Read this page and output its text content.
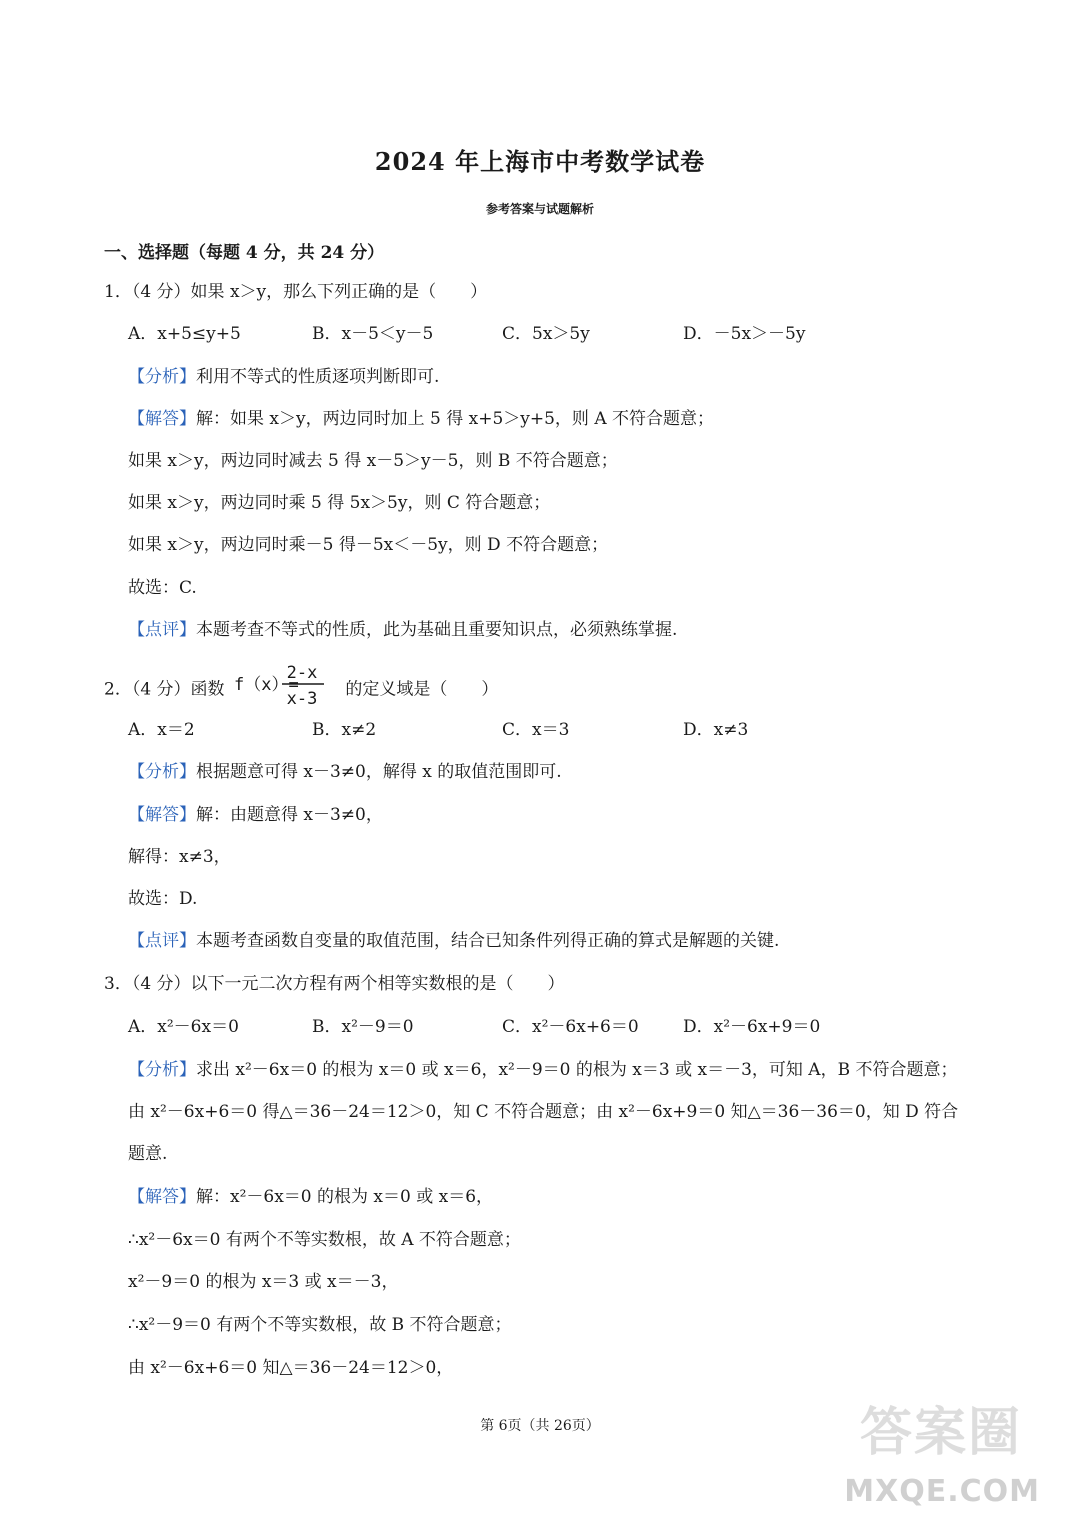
2024 年上海市中考数学试卷
参考答案与试题解析
一、选择题（每题 4 分，共 24 分）
1．（4 分）如果 x＞y，那么下列正确的是（　　）
A．x+5≤y+5	B．x－5＜y－5	C．5x＞5y	D．－5x＞－5y
【分析】利用不等式的性质逐项判断即可.
【解答】解：如果 x＞y，两边同时加上 5 得 x+5＞y+5，则 A 不符合题意；
如果 x＞y，两边同时减去 5 得 x－5＞y－5，则 B 不符合题意；
如果 x＞y，两边同时乘 5 得 5x＞5y，则 C 符合题意；
如果 x＞y，两边同时乘－5 得－5x＜－5y，则 D 不符合题意；
故选：C.
【点评】本题考查不等式的性质，此为基础且重要知识点，必须熟练掌握.
2．（4 分）函数 f（x）=
2-x
x-3 的定义域是（　　）
A．x＝2	B．x≠2	C．x＝3	D．x≠3
【分析】根据题意可得 x－3≠0，解得 x 的取值范围即可.
【解答】解：由题意得 x－3≠0，
解得：x≠3，
故选：D.
【点评】本题考查函数自变量的取值范围，结合已知条件列得正确的算式是解题的关键.
3．（4 分）以下一元二次方程有两个相等实数根的是（　　）
A．x²－6x＝0	B．x²－9＝0	C．x²－6x+6＝0	D．x²－6x+9＝0
【分析】求出 x²－6x＝0 的根为 x＝0 或 x＝6，x²－9＝0 的根为 x＝3 或 x＝－3，可知 A，B 不符合题意；
由 x²－6x+6＝0 得△＝36－24＝12＞0，知 C 不符合题意；由 x²－6x+9＝0 知△＝36－36＝0，知 D 符合
题意.
【解答】解：x²－6x＝0 的根为 x＝0 或 x＝6，
∴x²－6x＝0 有两个不等实数根，故 A 不符合题意；
x²－9＝0 的根为 x＝3 或 x＝－3，
∴x²－9＝0 有两个不等实数根，故 B 不符合题意；
由 x²－6x+6＝0 知△＝36－24＝12＞0，
第 6页（共 26页）	答案圈
MXQE.COM
